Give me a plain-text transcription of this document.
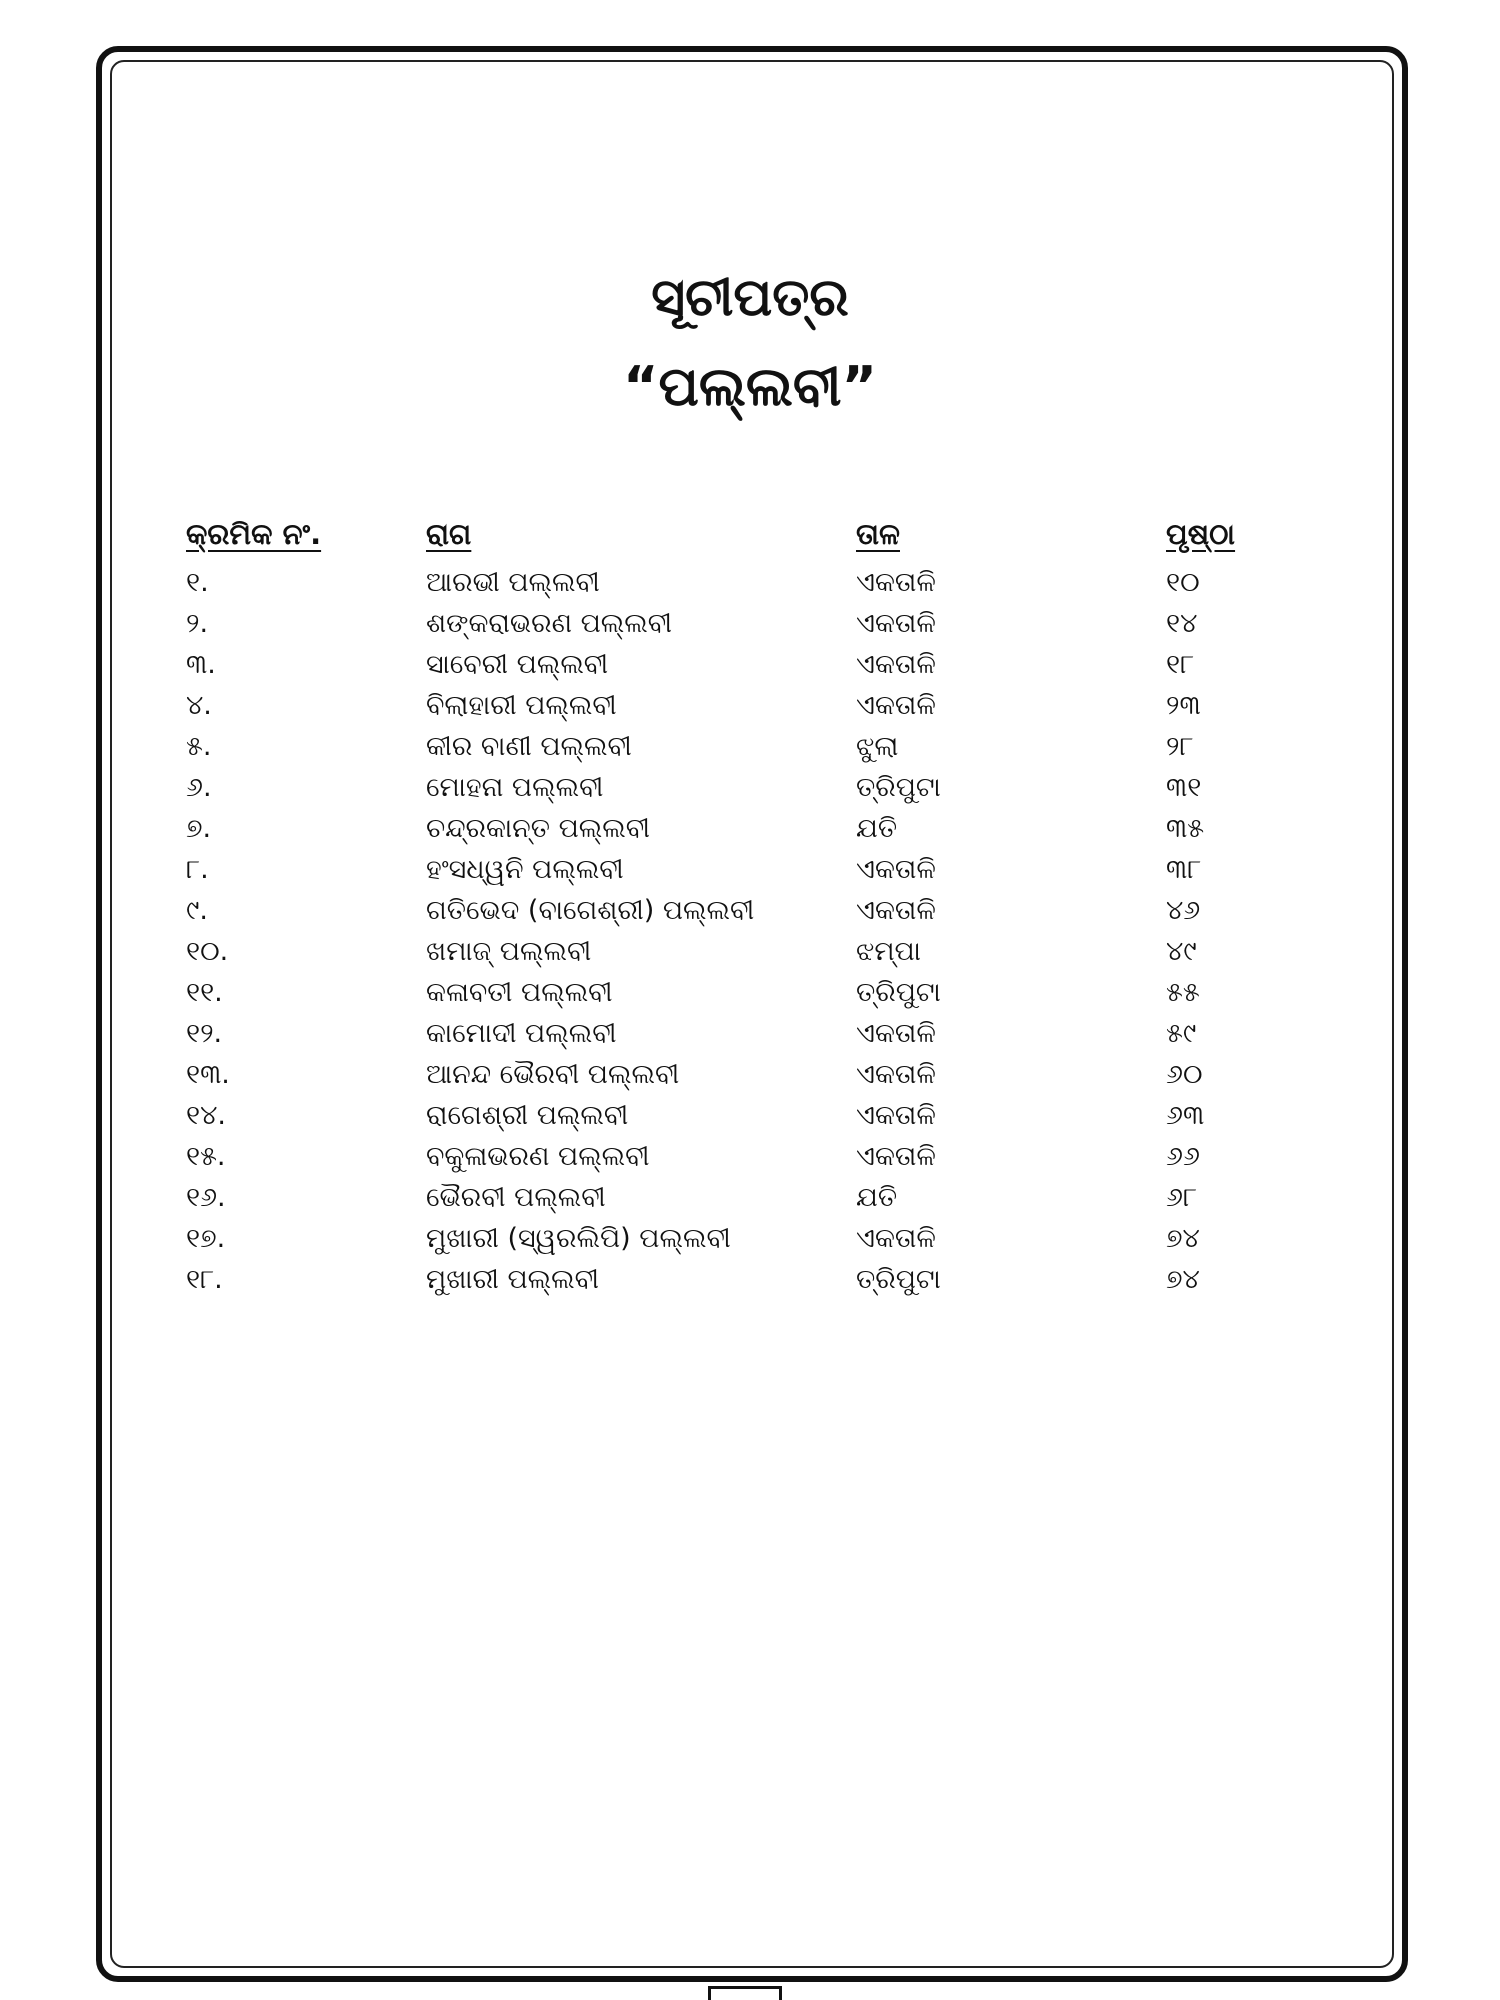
ସୂଚୀପତ୍ର
“ପଲ୍ଲବୀ”
କ୍ରମିକ ନଂ.	ରାଗ	ତାଳ	ପୃଷ୍ଠା
୧.	ଆରଭୀ ପଲ୍ଲବୀ	ଏକତାଳି	୧୦
୨.	ଶଙ୍କରାଭରଣ ପଲ୍ଲବୀ	ଏକତାଳି	୧୪
୩.	ସାବେରୀ ପଲ୍ଲବୀ	ଏକତାଳି	୧୮
୪.	ବିଲାହାରୀ ପଲ୍ଲବୀ	ଏକତାଳି	୨୩
୫.	କୀର ବାଣୀ ପଲ୍ଲବୀ	ଝୁଲା	୨୮
୬.	ମୋହନା ପଲ୍ଲବୀ	ତ୍ରିପୁଟା	୩୧
୭.	ଚନ୍ଦ୍ରକାନ୍ତ ପଲ୍ଲବୀ	ଯତି	୩୫
୮.	ହଂସଧ୍ୱନି ପଲ୍ଲବୀ	ଏକତାଳି	୩୮
୯.	ଗତିଭେଦ (ବାଗେଶ୍ରୀ) ପଲ୍ଲବୀ	ଏକତାଳି	୪୬
୧୦.	ଖମାଜ୍ ପଲ୍ଲବୀ	ଝମ୍ପା	୪୯
୧୧.	କଳାବତୀ ପଲ୍ଲବୀ	ତ୍ରିପୁଟା	୫୫
୧୨.	କାମୋଦୀ ପଲ୍ଲବୀ	ଏକତାଳି	୫୯
୧୩.	ଆନନ୍ଦ ଭୈରବୀ ପଲ୍ଲବୀ	ଏକତାଳି	୬୦
୧୪.	ରାଗେଶ୍ରୀ ପଲ୍ଲବୀ	ଏକତାଳି	୬୩
୧୫.	ବକୁଳାଭରଣ ପଲ୍ଲବୀ	ଏକତାଳି	୬୬
୧୬.	ଭୈରବୀ ପଲ୍ଲବୀ	ଯତି	୬୮
୧୭.	ମୁଖାରୀ (ସ୍ୱରଲିପି) ପଲ୍ଲବୀ	ଏକତାଳି	୭୪
୧୮.	ମୁଖାରୀ ପଲ୍ଲବୀ	ତ୍ରିପୁଟା	୭୪
